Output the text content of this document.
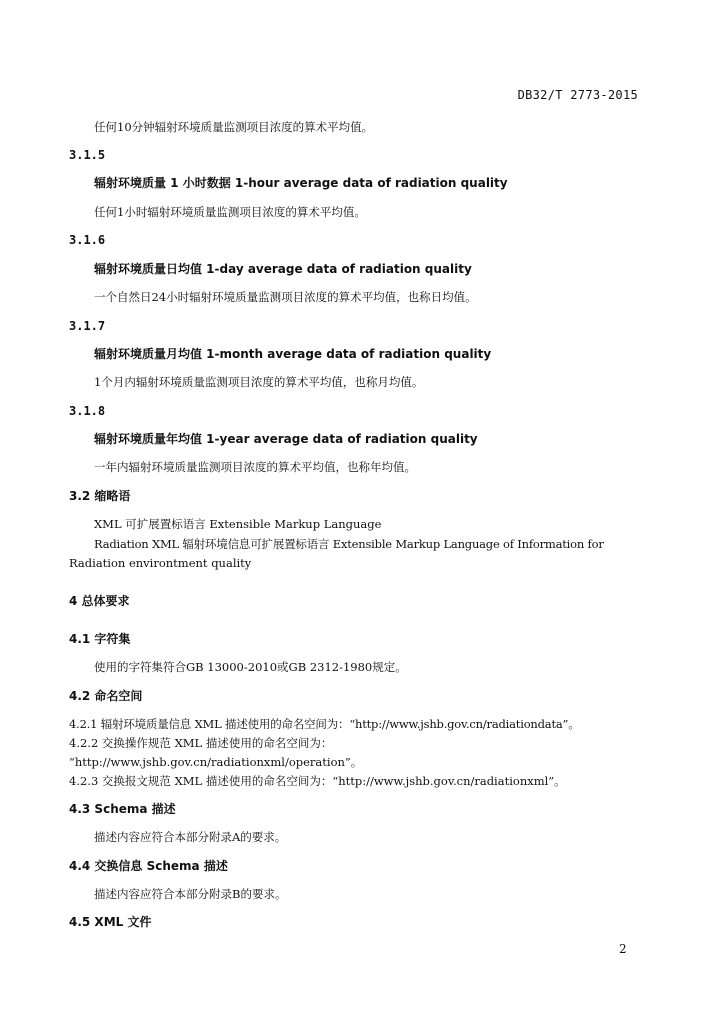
DB32/T 2773-2015
任何10分钟辐射环境质量监测项目浓度的算术平均值。
3.1.5
辐射环境质量 1 小时数据 1-hour average data of radiation quality
任何1小时辐射环境质量监测项目浓度的算术平均值。
3.1.6
辐射环境质量日均值 1-day average data of radiation quality
一个自然日24小时辐射环境质量监测项目浓度的算术平均值，也称日均值。
3.1.7
辐射环境质量月均值 1-month average data of radiation quality
1个月内辐射环境质量监测项目浓度的算术平均值，也称月均值。
3.1.8
辐射环境质量年均值 1-year average data of radiation quality
一年内辐射环境质量监测项目浓度的算术平均值，也称年均值。
3.2 缩略语
XML 可扩展置标语言 Extensible Markup Language
Radiation XML 辐射环境信息可扩展置标语言 Extensible Markup Language of Information for
Radiation environtment quality
4 总体要求
4.1 字符集
使用的字符集符合GB 13000-2010或GB 2312-1980规定。
4.2 命名空间
4.2.1 辐射环境质量信息 XML 描述使用的命名空间为：“http://www.jshb.gov.cn/radiationdata”。
4.2.2 交换操作规范 XML 描述使用的命名空间为：
“http://www.jshb.gov.cn/radiationxml/operation”。
4.2.3 交换报文规范 XML 描述使用的命名空间为：“http://www.jshb.gov.cn/radiationxml”。
4.3 Schema 描述
描述内容应符合本部分附录A的要求。
4.4 交换信息 Schema 描述
描述内容应符合本部分附录B的要求。
4.5 XML 文件
2
